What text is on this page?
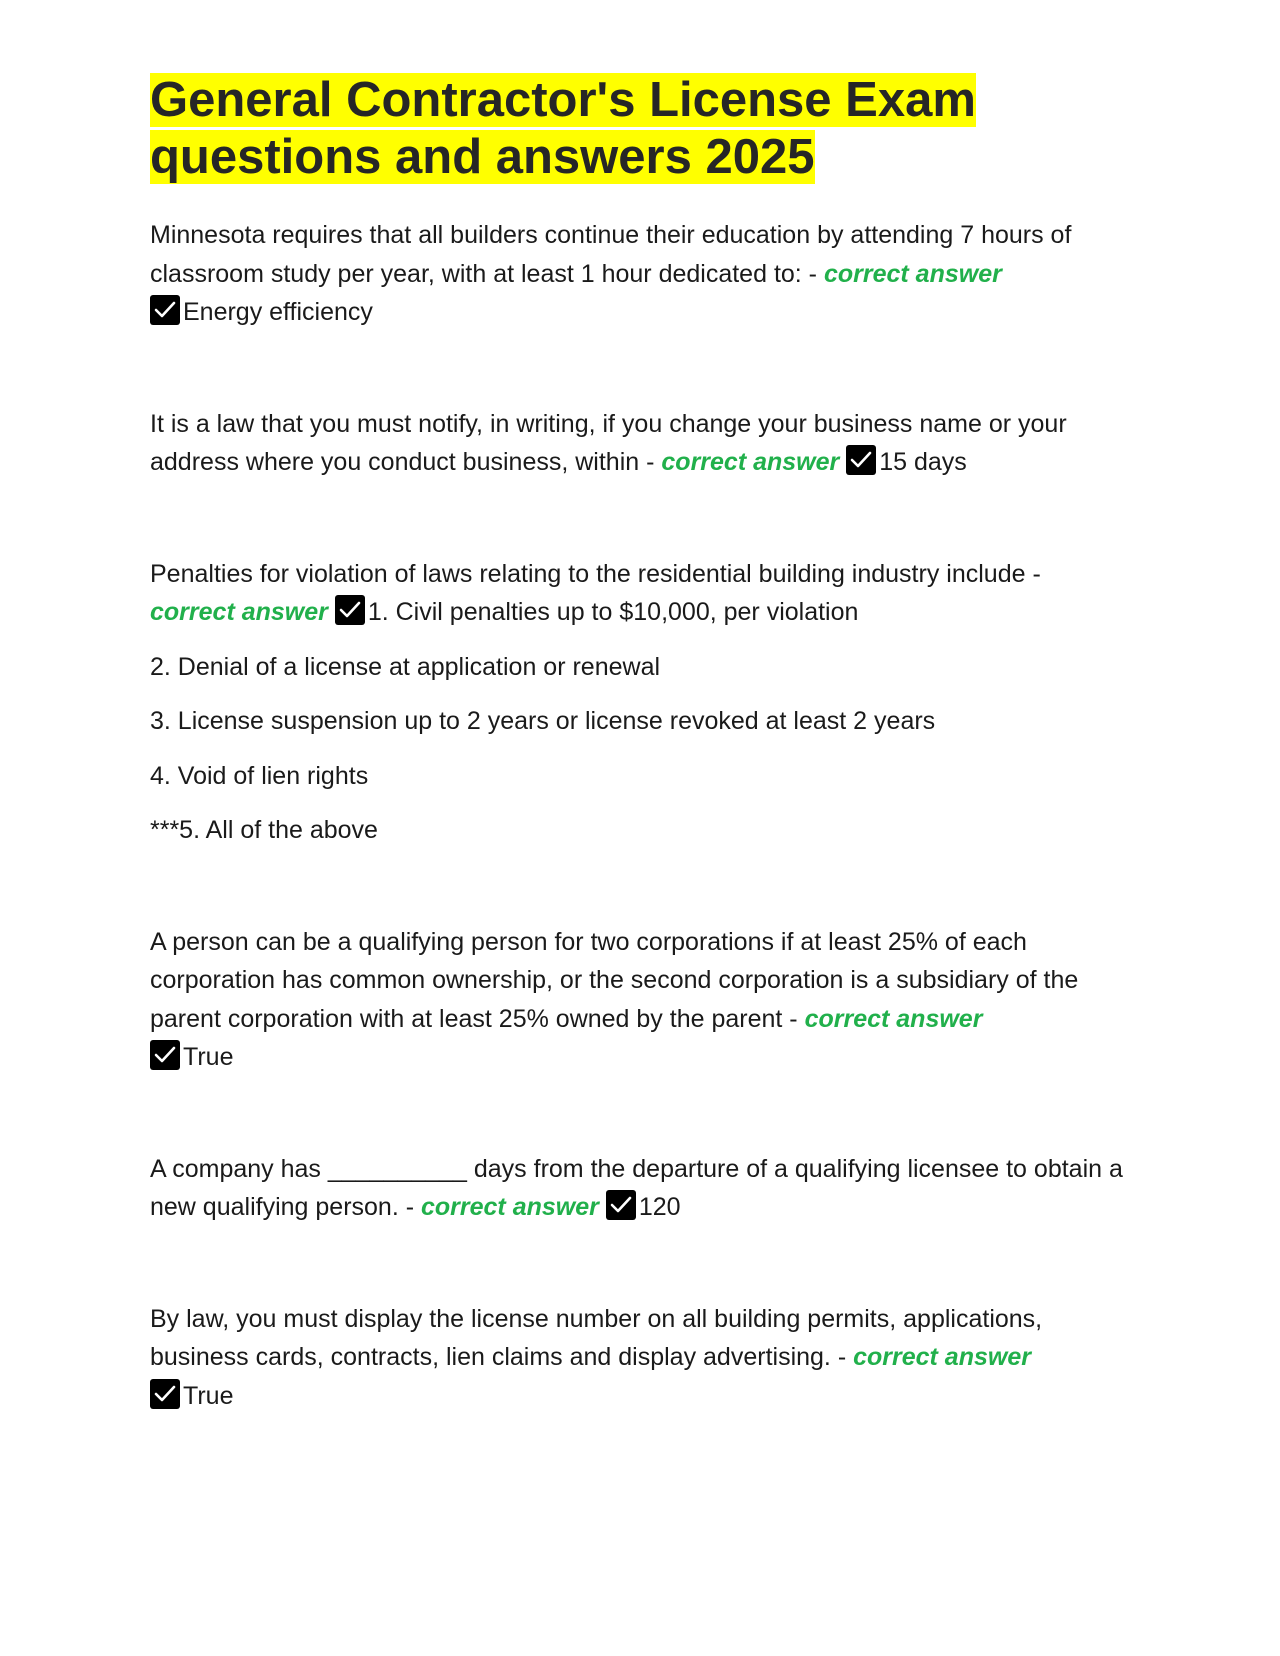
General Contractor's License Exam
questions and answers 2025

Minnesota requires that all builders continue their education by attending 7 hours of classroom study per year, with at least 1 hour dedicated to: - correct answer

Energy efficiency

It is a law that you must notify, in writing, if you change your business name or your address where you conduct business, within - correct answer 15 days

Penalties for violation of laws relating to the residential building industry include -
correct answer 1. Civil penalties up to $10,000, per violation

2. Denial of a license at application or renewal

3. License suspension up to 2 years or license revoked at least 2 years

4. Void of lien rights

***5. All of the above

A person can be a qualifying person for two corporations if at least 25% of each corporation has common ownership, or the second corporation is a subsidiary of the parent corporation with at least 25% owned by the parent - correct answer

True

A company has __________ days from the departure of a qualifying licensee to obtain a new qualifying person. - correct answer 120

By law, you must display the license number on all building permits, applications, business cards, contracts, lien claims and display advertising. - correct answer

True
